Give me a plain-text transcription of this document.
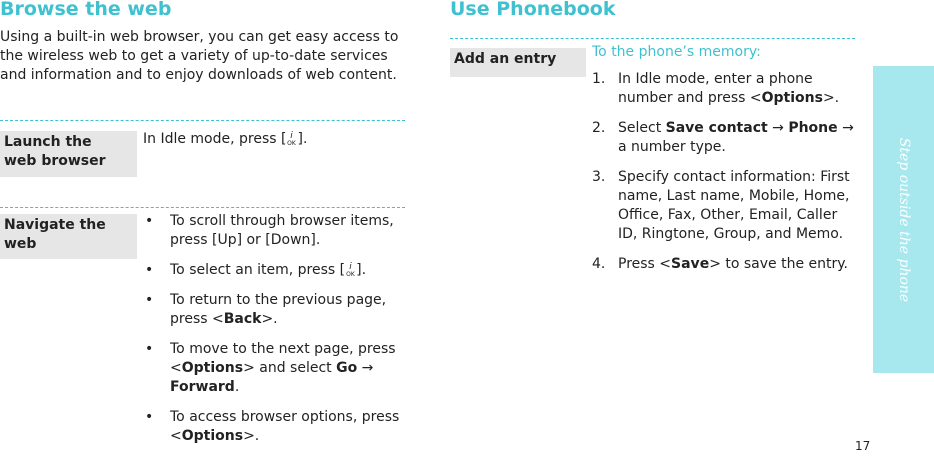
Browse the web

Using a built-in web browser, you can get easy access to the wireless web to get a variety of up-to-date services and information and to enjoy downloads of web content.

Launch the
web browser
In Idle mode, press [ i
OK ].
Navigate the
web
• To scroll through browser items, press [Up] or [Down].
• To select an item, press [ i
OK ].
• To return to the previous page, press <Back>.
• To move to the next page, press <Options> and select Go → Forward.
• To access browser options, press <Options>.
Use Phonebook
Add an entry	To the phone’s memory:
1. In Idle mode, enter a phone number and press <Options>.
2. Select Save contact → Phone → a number type.
3. Specify contact information: First name, Last name, Mobile, Home, Office, Fax, Other, Email, Caller ID, Ringtone, Group, and Memo.
4. Press <Save> to save the entry.	Step outside the phone
17
